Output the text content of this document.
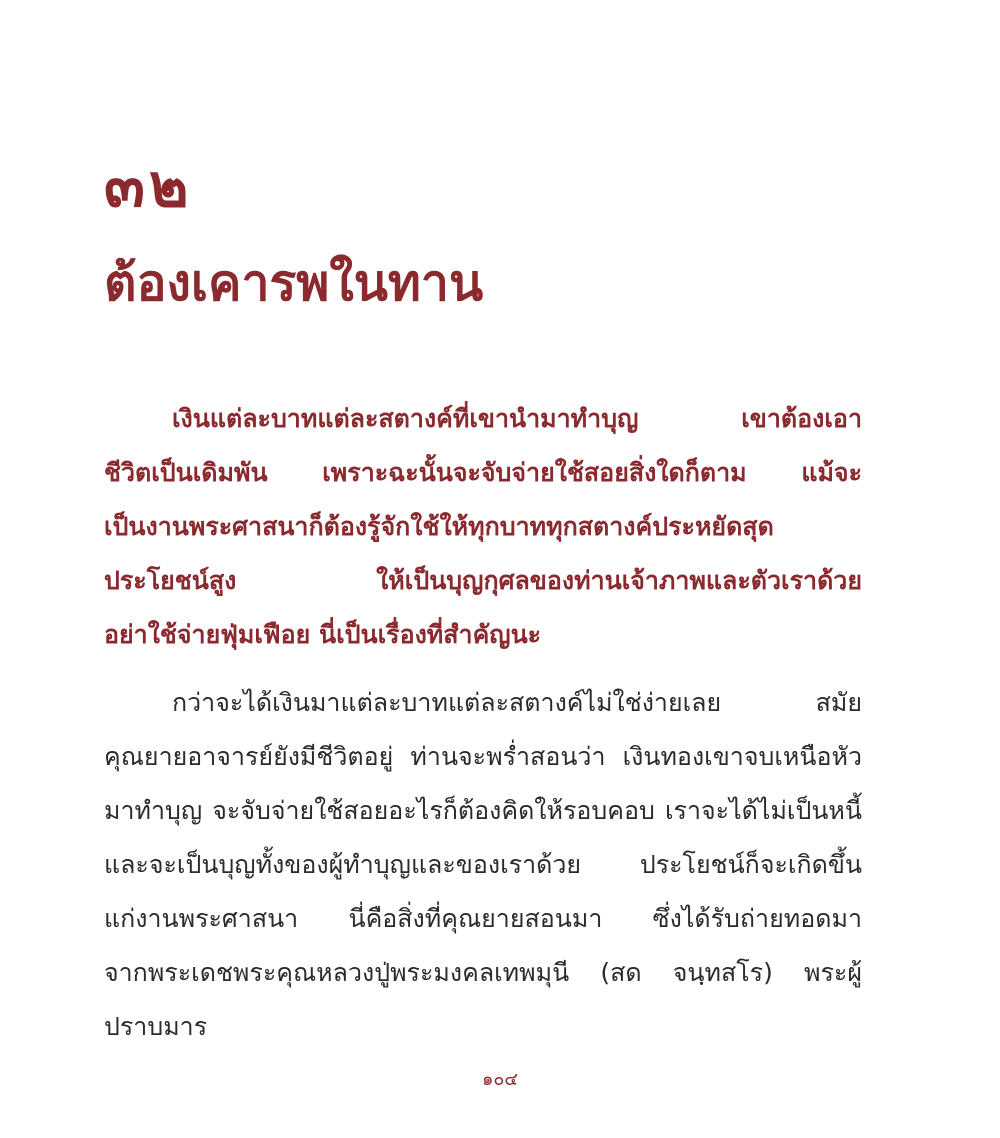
๓๒
ต้องเคารพในทาน

เงินแต่ละบาทแต่ละสตางค์ที่เขานำมาทำบุญ เขาต้องเอา
ชีวิตเป็นเดิมพัน เพราะฉะนั้นจะจับจ่ายใช้สอยสิ่งใดก็ตาม แม้จะ
เป็นงานพระศาสนาก็ต้องรู้จักใช้ให้ทุกบาททุกสตางค์ประหยัดสุด
ประโยชน์สูง ให้เป็นบุญกุศลของท่านเจ้าภาพและตัวเราด้วย
อย่าใช้จ่ายฟุ่มเฟือย นี่เป็นเรื่องที่สำคัญนะ

กว่าจะได้เงินมาแต่ละบาทแต่ละสตางค์ไม่ใช่ง่ายเลย สมัย
คุณยายอาจารย์ยังมีชีวิตอยู่ ท่านจะพร่ำสอนว่า เงินทองเขาจบเหนือหัว
มาทำบุญ จะจับจ่ายใช้สอยอะไรก็ต้องคิดให้รอบคอบ เราจะได้ไม่เป็นหนี้
และจะเป็นบุญทั้งของผู้ทำบุญและของเราด้วย ประโยชน์ก็จะเกิดขึ้น
แก่งานพระศาสนา นี่คือสิ่งที่คุณยายสอนมา ซึ่งได้รับถ่ายทอดมา
จากพระเดชพระคุณหลวงปู่พระมงคลเทพมุนี (สด จนฺทสโร) พระผู้
ปราบมาร

๑๐๔
